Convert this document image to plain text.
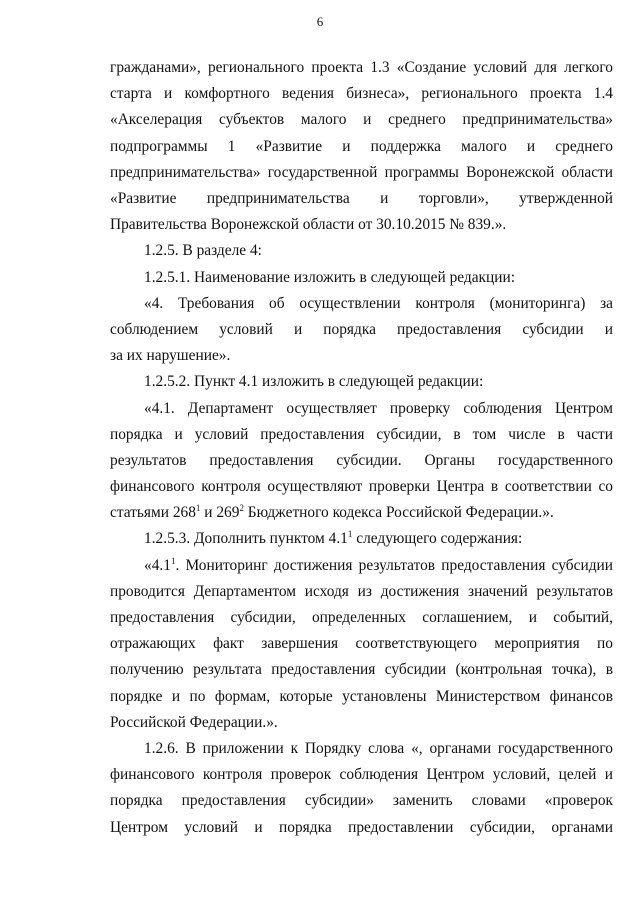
6
гражданами», регионального проекта 1.3 «Создание условий для легкого
старта и комфортного ведения бизнеса», регионального проекта 1.4
«Акселерация субъектов малого и среднего предпринимательства»
подпрограммы 1 «Развитие и поддержка малого и среднего
предпринимательства» государственной программы Воронежской области
«Развитие предпринимательства и торговли», утвержденной
Правительства Воронежской области от 30.10.2015 № 839.».
1.2.5. В разделе 4:
1.2.5.1. Наименование изложить в следующей редакции:
«4. Требования об осуществлении контроля (мониторинга) за
соблюдением условий и порядка предоставления субсидии и
за их нарушение».
1.2.5.2. Пункт 4.1 изложить в следующей редакции:
«4.1. Департамент осуществляет проверку соблюдения Центром
порядка и условий предоставления субсидии, в том числе в части
результатов предоставления субсидии. Органы государственного
финансового контроля осуществляют проверки Центра в соответствии со
статьями $268^1$ и $269^2$ Бюджетного кодекса Российской Федерации.».
1.2.5.3. Дополнить пунктом $4.1^1$ следующего содержания:
«$4.1^1$. Мониторинг достижения результатов предоставления субсидии
проводится Департаментом исходя из достижения значений результатов
предоставления субсидии, определенных соглашением, и событий,
отражающих факт завершения соответствующего мероприятия по
получению результата предоставления субсидии (контрольная точка), в
порядке и по формам, которые установлены Министерством финансов
Российской Федерации.».
1.2.6. В приложении к Порядку слова «, органами государственного
финансового контроля проверок соблюдения Центром условий, целей и
порядка предоставления субсидии» заменить словами «проверок
Центром условий и порядка предоставлении субсидии, органами
